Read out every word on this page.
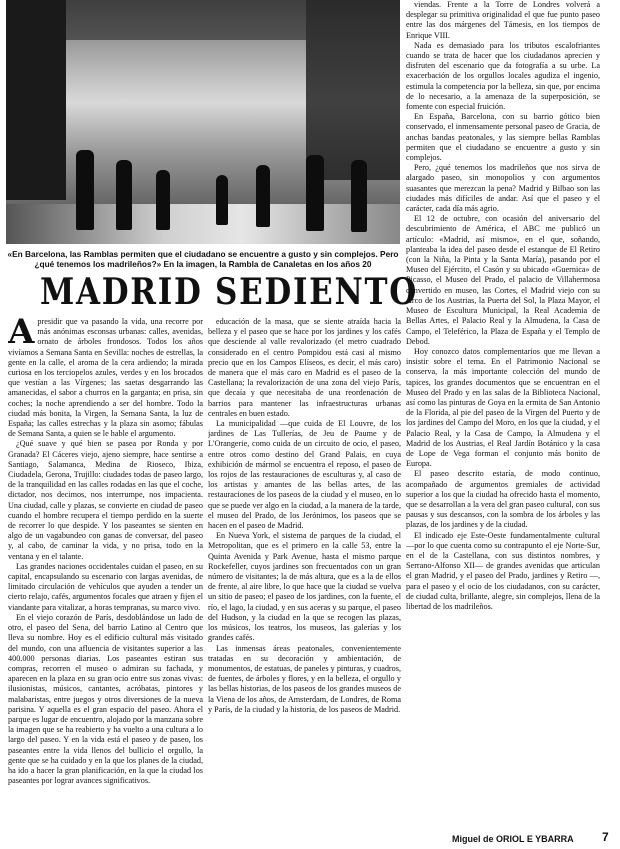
«En Barcelona, las Ramblas permiten que el ciudadano se encuentre a gusto y sin complejos. Pero ¿qué tenemos los madrileños?» En la imagen, la Rambla de Canaletas en los años 20
MADRID SEDIENTO

Apresidir que va pasando la vida, una recorre por más anónimas esconsas urbanas: calles, avenidas, ornato de árboles frondosos. Todos los años vivíamos a Semana Santa en Sevilla: noches de estrellas, la gente en la calle, el aroma de la cera ardiendo; la mirada curiosa en los terciopelos azules, verdes y en los brocados que vestían a las Vírgenes; las saetas desgarrando las amanecidas, el sabor a churros en la garganta; en prisa, sin coches; la noche aprendiendo a ser del hombre. Todo la ciudad más bonita, la Virgen, la Semana Santa, la luz de España; las calles estrechas y la plaza sin asomo; fábulas de Semana Santa, a quien se le hable el argumento.

¿Qué suave y qué bien se pasea por Ronda y por Granada? El Cáceres viejo, ajeno siempre, hace sentirse a Santiago, Salamanca, Medina de Rioseco, Ibiza, Ciudadela, Gerona, Trujillo: ciudades todas de paseo largo, de la tranquilidad en las calles rodadas en las que el coche, dictador, nos decimos, nos interrumpe, nos impacienta. Una ciudad, calle y plazas, se convierte en ciudad de paseo cuando el hombre recupera el tiempo perdido en la suerte de recorrer lo que despide. Y los paseantes se sienten en algo de un vagabundeo con ganas de conversar, del paseo y, al cabo, de caminar la vida, y no prisa, todo en la ventana y en el talante.

Las grandes naciones occidentales cuidan el paseo, en su capital, encapsulando su escenario con largas avenidas, de limitado circulación de vehículos que ayuden a tender un cierto relajo, cafés, argumentos focales que atraen y fijen el viandante para vitalizar, a horas tempranas, su marco vivo.

En el viejo corazón de París, desdoblándose un lado de otro, el paseo del Sena, del barrio Latino al Centro que lleva su nombre. Hoy es el edificio cultural más visitado del mundo, con una afluencia de visitantes superior a las 400.000 personas diarias. Los paseantes estiran sus compras, recorren el museo o admiran su fachada, y aparecen en la plaza en su gran ocio entre sus zonas vivas: ilusionistas, músicos, cantantes, acróbatas, pintores y malabaristas, entre juegos y otros diversiones de la nueva parisina. Y aquella es el gran espacio del paseo. Ahora el parque es lugar de encuentro, alojado por la manzana sobre la imagen que se ha reabierto y ha vuelto a una cultura a lo largo del paseo. Y en la vida está el paseo y de paseo, los paseantes entre la vida llenos del bullicio el orgullo, la gente que se ha cuidado y en la que los planes de la ciudad, ha ido a hacer la gran planificación, en la que la ciudad los paseantes por lograr avances significativos.

educación de la masa, que se siente atraída hacia la belleza y el paseo que se hace por los jardines y los cafés que desciende al valle revalorizado (el metro cuadrado considerado en el centro Pompidou está casi al mismo precio que en los Campos Elíseos, es decir, el más caro) de manera que el más caro en Madrid es el paseo de la Castellana; la revalorización de una zona del viejo París, que decaía y que necesitaba de una reordenación de barrios para mantener las infraestructuras urbanas centrales en buen estado.

La municipalidad —que cuida de El Louvre, de los jardines de Las Tullerías, de Jeu de Paume y de L'Orangerie, como cuida de un circuito de ocio, el paseo, entre otros como destino del Grand Palais, en cuya exhibición de mármol se encuentra el reposo, el paseo de los rojos de las restauraciones de esculturas y, al caso de los artistas y amantes de las bellas artes, de las restauraciones de los paseos de la ciudad y el museo, en lo que se puede ver algo en la ciudad, a la manera de la tarde, el museo del Prado, de los Jerónimos, los paseos que se hacen en el paseo de Madrid.

En Nueva York, el sistema de parques de la ciudad, el Metropolitan, que es el primero en la calle 53, entre la Quinta Avenida y Park Avenue, hasta el mismo parque Rockefeller, cuyos jardines son frecuentados con un gran número de visitantes; la de más altura, que es a la de ellos de frente, al aire libre, lo que hace que la ciudad se vuelva un sitio de paseo; el paseo de los jardines, con la fuente, el río, el lago, la ciudad, y en sus aceras y su parque, el paseo del Hudson, y la ciudad en la que se recogen las plazas, los músicos, los teatros, los museos, las galerías y los grandes cafés.

Las inmensas áreas peatonales, convenientemente tratadas en su decoración y ambientación, de monumentos, de estatuas, de paneles y pinturas, y cuadros, de fuentes, de árboles y flores, y en la belleza, el orgullo y las bellas historias, de los paseos de los grandes museos de la Viena de los años, de Amsterdam, de Londres, de Roma y París, de la ciudad y la historia, de los paseos de Madrid.

viendas. Frente a la Torre de Londres volverá a desplegar su primitiva originalidad el que fue punto paseo entre las dos márgenes del Támesis, en los tiempos de Enrique VIII.

Nada es demasiado para los tributos escalofriantes cuando se trata de hacer que los ciudadanos aprecien y disfruten del escenario que da fotografía a su urbe. La exacerbación de los orgullos locales agudiza el ingenio, estimula la competencia por la belleza, sin que, por encima de lo necesario, a la amenaza de la superposición, se fomente con especial fruición.

En España, Barcelona, con su barrio gótico bien conservado, el inmensamente personal paseo de Gracia, de anchas bandas peatonales, y las siempre bellas Ramblas permiten que el ciudadano se encuentre a gusto y sin complejos.

Pero, ¿qué tenemos los madrileños que nos sirva de alargado paseo, sin monopolios y con argumentos suasantes que merezcan la pena? Madrid y Bilbao son las ciudades más difíciles de andar. Así que el paseo y el carácter, cada día más agrio.

El 12 de octubre, con ocasión del aniversario del descubrimiento de América, el ABC me publicó un artículo: «Madrid, así mismo», en el que, soñando, planteaba la idea del paseo desde el estanque de El Retiro (con la Niña, la Pinta y la Santa María), pasando por el Museo del Ejército, el Casón y su ubicado «Guernica» de Picasso, el Museo del Prado, el palacio de Villahermosa convertido en museo, las Cortes, el Madrid viejo con su Arco de los Austrias, la Puerta del Sol, la Plaza Mayor, el Museo de Escultura Municipal, la Real Academia de Bellas Artes, el Palacio Real y la Almudena, la Casa de Campo, el Teleférico, la Plaza de España y el Templo de Debod.

Hoy conozco datos complementarios que me llevan a insistir sobre el tema. En el Patrimonio Nacional se conserva, la más importante colección del mundo de tapices, los grandes documentos que se encuentran en el Museo del Prado y en las salas de la Biblioteca Nacional, así como las pinturas de Goya en la ermita de San Antonio de la Florida, al pie del paseo de la Virgen del Puerto y de los jardines del Campo del Moro, en los que la ciudad, y el Palacio Real, y la Casa de Campo, la Almudena y el Madrid de los Austrias, el Real Jardín Botánico y la casa de Lope de Vega forman el conjunto más bonito de Europa.

El paseo descrito estaría, de modo continuo, acompañado de argumentos gremiales de actividad superior a los que la ciudad ha ofrecido hasta el momento, que se desarrollan a la vera del gran paseo cultural, con sus pausas y sus descansos, con la sombra de los árboles y las plazas, de los jardines y de la ciudad.

El indicado eje Este-Oeste fundamentalmente cultural —por lo que cuenta como su contrapunto el eje Norte-Sur, en el de la Castellana, con sus distintos nombres, y Serrano-Alfonso XII— de grandes avenidas que articulan el gran Madrid, y el paseo del Prado, jardines y Retiro —, para el paseo y el ocio de los ciudadanos, con su carácter, de ciudad culta, brillante, alegre, sin complejos, llena de la libertad de los madrileños.

Miguel de ORIOL E YBARRA 7
